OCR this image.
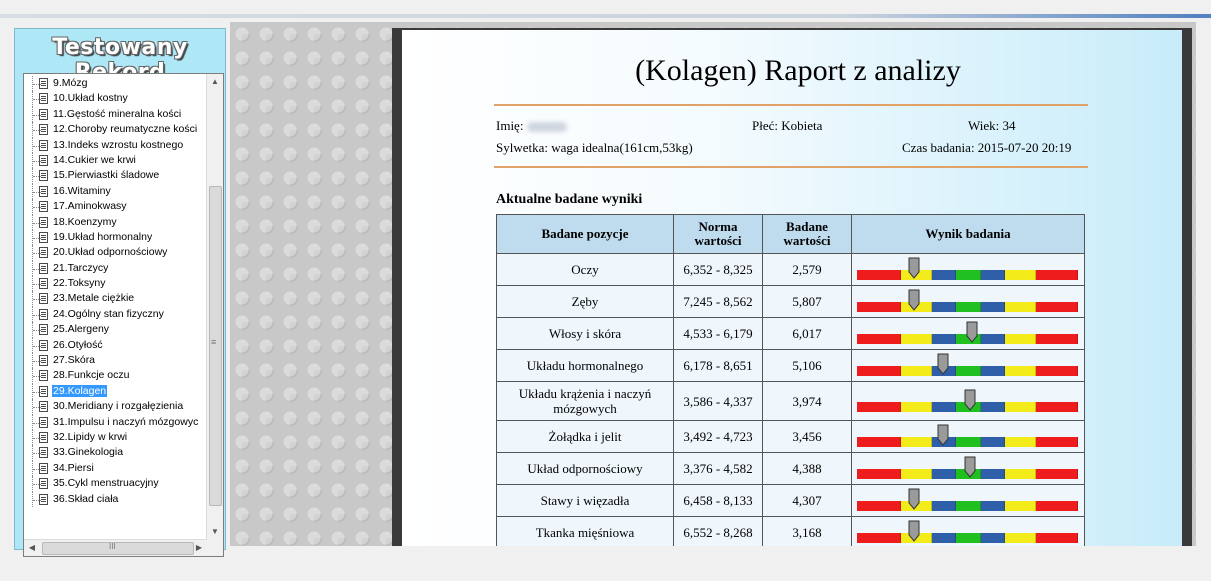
Testowany
9.Mózg
10.Układ kostny
11.Gęstość mineralna kości
12.Choroby reumatyczne kości
13.Indeks wzrostu kostnego
14.Cukier we krwi
15.Pierwiastki śladowe
16.Witaminy
17.Aminokwasy
18.Koenzymy
19.Układ hormonalny
20.Układ odpornościowy
21.Tarczycy
22.Toksyny
23.Metale ciężkie
24.Ogólny stan fizyczny
25.Alergeny
26.Otyłość
27.Skóra
28.Funkcje oczu
29.Kolagen
30.Meridiany i rozgałęzienia
31.Impulsu i naczyń mózgowyc
32.Lipidy w krwi
33.Ginekologia
34.Piersi
35.Cykl menstruacyjny
36.Skład ciała
▲
≡
▼
◀	III	▶
(Kolagen) Raport z analizy
Imię:	Płeć: Kobieta	Wiek: 34
Sylwetka: waga idealna(161cm,53kg)	Czas badania: 2015-07-20 20:19
Aktualne badane wyniki
Badane pozycje	Norma wartości	Badane wartości	Wynik badania
Oczy	6,352 - 8,325	2,579	

Zęby	7,245 - 8,562	5,807	

Włosy i skóra	4,533 - 6,179	6,017	

Układu hormonalnego	6,178 - 8,651	5,106	

Układu krążenia i naczyń mózgowych	3,586 - 4,337	3,974	

Żołądka i jelit	3,492 - 4,723	3,456	

Układ odpornościowy	3,376 - 4,582	4,388	

Stawy i więzadła	6,458 - 8,133	4,307	

Tkanka mięśniowa	6,552 - 8,268	3,168	
